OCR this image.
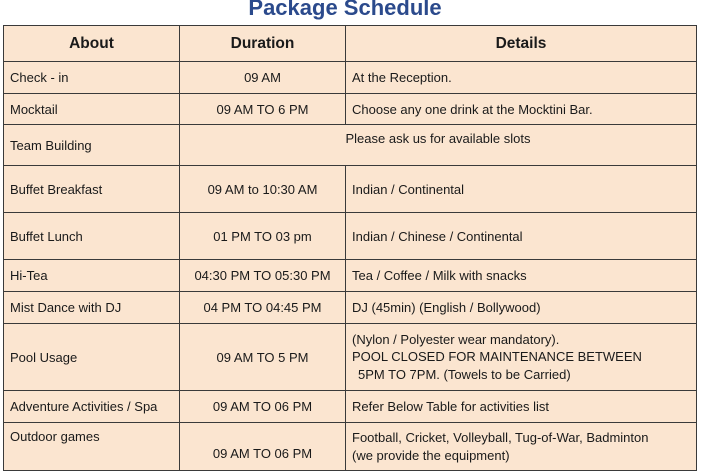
Package Schedule
About	Duration	Details
Check - in	09 AM	At the Reception.
Mocktail	09 AM TO 6 PM	Choose any one drink at the Mocktini Bar.
Team Building	Please ask us for available slots	
Buffet Breakfast	09 AM to 10:30 AM	Indian / Continental
Buffet Lunch	01 PM TO 03 pm	Indian / Chinese / Continental
Hi-Tea	04:30 PM TO 05:30 PM	Tea / Coffee / Milk with snacks
Mist Dance with DJ	04 PM TO 04:45 PM	DJ (45min) (English / Bollywood)
Pool Usage	09 AM TO 5 PM	(Nylon / Polyester wear mandatory).
POOL CLOSED FOR MAINTENANCE BETWEEN
5PM TO 7PM. (Towels to be Carried)

Adventure Activities / Spa	09 AM TO 06 PM	Refer Below Table for activities list
Outdoor games	09 AM TO 06 PM	Football, Cricket, Volleyball, Tug-of-War, Badminton
(we provide the equipment)
